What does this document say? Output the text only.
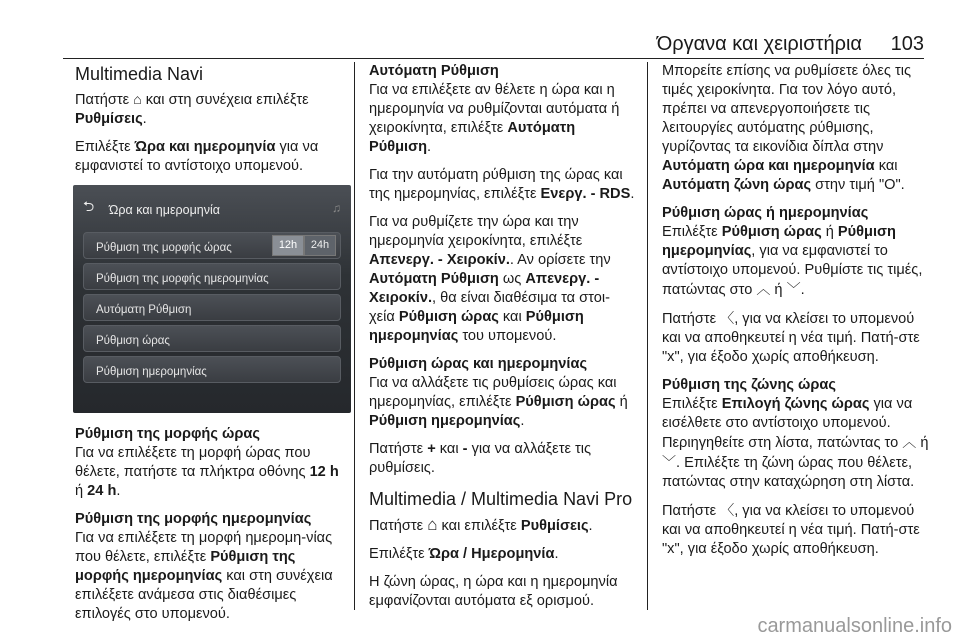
Όργανα και χειριστήρια 103
Multimedia Navi

Πατήστε ⌂ και στη συνέχεια επιλέξτε Ρυθμίσεις.

Επιλέξτε Ώρα και ημερομηνία για να εμφανιστεί το αντίστοιχο υπομενού.

⮌ Ώρα και ημερομηνία	♫
Ρύθμιση της μορφής ώρας	12h	24h
Ρύθμιση της μορφής ημερομηνίας
Αυτόματη Ρύθμιση
Ρύθμιση ώρας
Ρύθμιση ημερομηνίας

Ρύθμιση της μορφής ώρας

Για να επιλέξετε τη μορφή ώρας που θέλετε, πατήστε τα πλήκτρα οθόνης 12 h ή 24 h.

Ρύθμιση της μορφής ημερομηνίας

Για να επιλέξετε τη μορφή ημερομη-νίας που θέλετε, επιλέξτε Ρύθμιση της μορφής ημερομηνίας και στη συνέχεια επιλέξετε ανάμεσα στις διαθέσιμες επιλογές στο υπομενού.

Αυτόματη Ρύθμιση

Για να επιλέξετε αν θέλετε η ώρα και η ημερομηνία να ρυθμίζονται αυτόματα ή χειροκίνητα, επιλέξτε Αυτόματη Ρύθμιση.

Για την αυτόματη ρύθμιση της ώρας και της ημερομηνίας, επιλέξτε Ενεργ. - RDS.

Για να ρυθμίζετε την ώρα και την ημερομηνία χειροκίνητα, επιλέξτε Απενεργ. - Χειροκίν.. Αν ορίσετε την Αυτόματη Ρύθμιση ως Απενεργ. - Χειροκίν., θα είναι διαθέσιμα τα στοι-χεία Ρύθμιση ώρας και Ρύθμιση ημερομηνίας του υπομενού.

Ρύθμιση ώρας και ημερομηνίας

Για να αλλάξετε τις ρυθμίσεις ώρας και ημερομηνίας, επιλέξτε Ρύθμιση ώρας ή Ρύθμιση ημερομηνίας.

Πατήστε + και - για να αλλάξετε τις ρυθμίσεις.

Multimedia / Multimedia Navi Pro

Πατήστε ⌂ και επιλέξτε Ρυθμίσεις.

Επιλέξτε Ώρα / Ημερομηνία.

Η ζώνη ώρας, η ώρα και η ημερομηνία εμφανίζονται αυτόματα εξ ορισμού.

Μπορείτε επίσης να ρυθμίσετε όλες τις τιμές χειροκίνητα. Για τον λόγο αυτό, πρέπει να απενεργοποιήσετε τις λειτουργίες αυτόματης ρύθμισης, γυρίζοντας τα εικονίδια δίπλα στην Αυτόματη ώρα και ημερομηνία και Αυτόματη ζώνη ώρας στην τιμή "O".

Ρύθμιση ώρας ή ημερομηνίας

Επιλέξτε Ρύθμιση ώρας ή Ρύθμιση ημερομηνίας, για να εμφανιστεί το αντίστοιχο υπομενού. Ρυθμίστε τις τιμές, πατώντας στο ︿ ή ﹀.

Πατήστε 〈, για να κλείσει το υπομενού και να αποθηκευτεί η νέα τιμή. Πατή-στε "x", για έξοδο χωρίς αποθήκευση.

Ρύθμιση της ζώνης ώρας

Επιλέξτε Επιλογή ζώνης ώρας για να εισέλθετε στο αντίστοιχο υπομενού. Περιηγηθείτε στη λίστα, πατώντας το ︿ ή ﹀. Επιλέξτε τη ζώνη ώρας που θέλετε, πατώντας στην καταχώρηση στη λίστα.

Πατήστε 〈, για να κλείσει το υπομενού και να αποθηκευτεί η νέα τιμή. Πατή-στε "x", για έξοδο χωρίς αποθήκευση.

carmanualsonline.info
